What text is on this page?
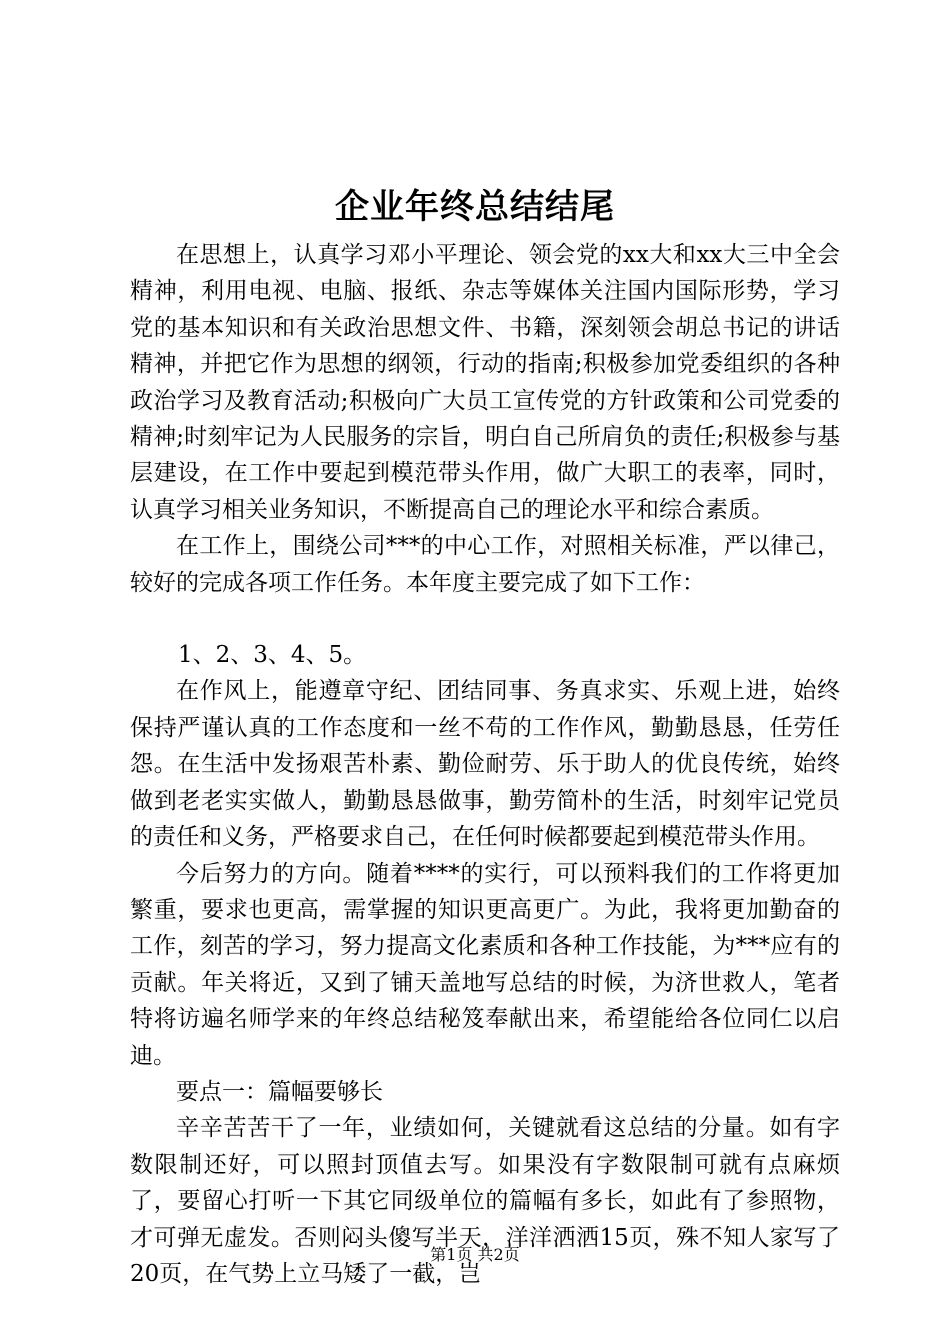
企业年终总结结尾

在思想上，认真学习邓小平理论、领会党的xx大和xx大三中全会精神，利用电视、电脑、报纸、杂志等媒体关注国内国际形势，学习党的基本知识和有关政治思想文件、书籍，深刻领会胡总书记的讲话精神，并把它作为思想的纲领，行动的指南;积极参加党委组织的各种政治学习及教育活动;积极向广大员工宣传党的方针政策和公司党委的精神;时刻牢记为人民服务的宗旨，明白自己所肩负的责任;积极参与基层建设，在工作中要起到模范带头作用，做广大职工的表率，同时，认真学习相关业务知识，不断提高自己的理论水平和综合素质。

在工作上，围绕公司***的中心工作，对照相关标准，严以律己，较好的完成各项工作任务。本年度主要完成了如下工作：

1、2、3、4、5。

在作风上，能遵章守纪、团结同事、务真求实、乐观上进，始终保持严谨认真的工作态度和一丝不苟的工作作风，勤勤恳恳，任劳任怨。在生活中发扬艰苦朴素、勤俭耐劳、乐于助人的优良传统，始终做到老老实实做人，勤勤恳恳做事，勤劳简朴的生活，时刻牢记党员的责任和义务，严格要求自己，在任何时候都要起到模范带头作用。

今后努力的方向。随着****的实行，可以预料我们的工作将更加繁重，要求也更高，需掌握的知识更高更广。为此，我将更加勤奋的工作，刻苦的学习，努力提高文化素质和各种工作技能，为***应有的贡献。年关将近，又到了铺天盖地写总结的时候，为济世救人，笔者特将访遍名师学来的年终总结秘笈奉献出来，希望能给各位同仁以启迪。

要点一：篇幅要够长

辛辛苦苦干了一年，业绩如何，关键就看这总结的分量。如有字数限制还好，可以照封顶值去写。如果没有字数限制可就有点麻烦了，要留心打听一下其它同级单位的篇幅有多长，如此有了参照物，才可弹无虚发。否则闷头傻写半天，洋洋洒洒15页，殊不知人家写了20页，在气势上立马矮了一截，岂

第1页 共2页
